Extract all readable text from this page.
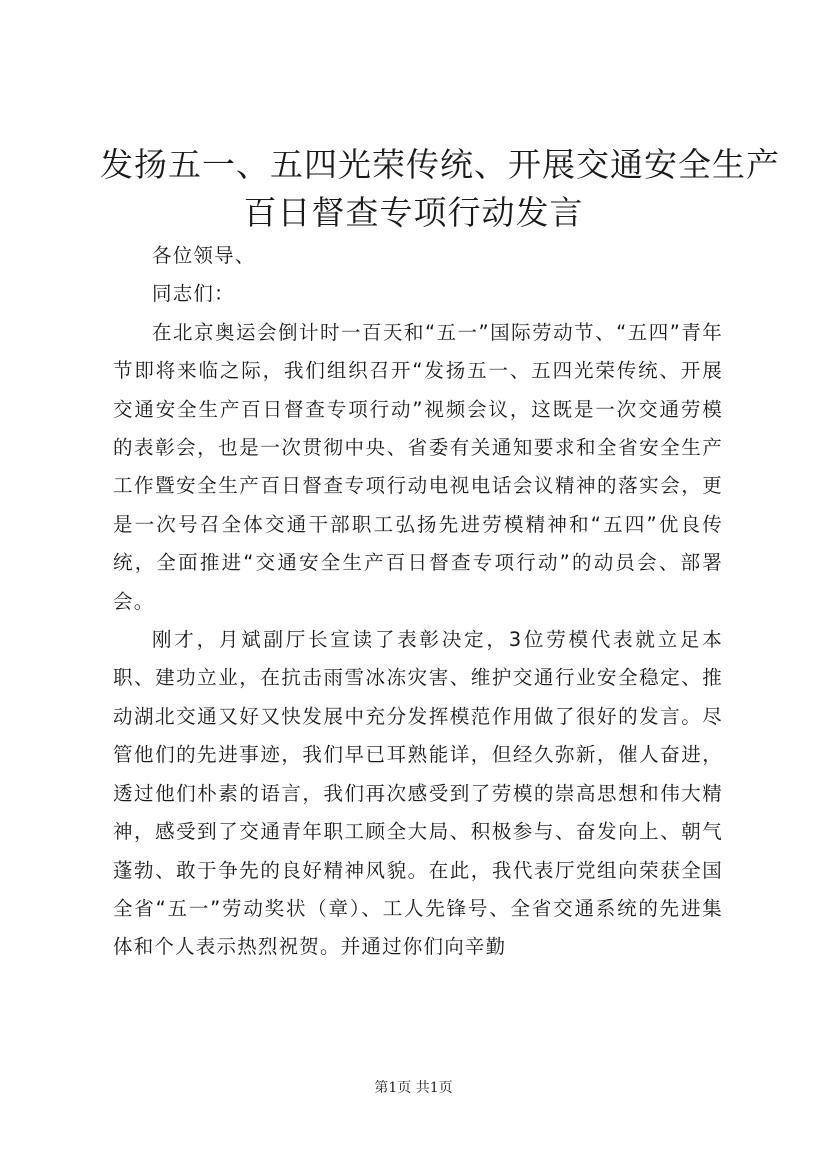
发扬五一、五四光荣传统、开展交通安全生产
百日督查专项行动发言

各位领导、

同志们：

在北京奥运会倒计时一百天和“五一”国际劳动节、“五四”青年节即将来临之际，我们组织召开“发扬五一、五四光荣传统、开展交通安全生产百日督查专项行动”视频会议，这既是一次交通劳模的表彰会，也是一次贯彻中央、省委有关通知要求和全省安全生产工作暨安全生产百日督查专项行动电视电话会议精神的落实会，更是一次号召全体交通干部职工弘扬先进劳模精神和“五四”优良传统，全面推进“交通安全生产百日督查专项行动”的动员会、部署会。

刚才，月斌副厅长宣读了表彰决定，3位劳模代表就立足本职、建功立业，在抗击雨雪冰冻灾害、维护交通行业安全稳定、推动湖北交通又好又快发展中充分发挥模范作用做了很好的发言。尽管他们的先进事迹，我们早已耳熟能详，但经久弥新，催人奋进，透过他们朴素的语言，我们再次感受到了劳模的崇高思想和伟大精神，感受到了交通青年职工顾全大局、积极参与、奋发向上、朝气蓬勃、敢于争先的良好精神风貌。在此，我代表厅党组向荣获全国全省“五一”劳动奖状（章）、工人先锋号、全省交通系统的先进集体和个人表示热烈祝贺。并通过你们向辛勤

第1页 共1页
